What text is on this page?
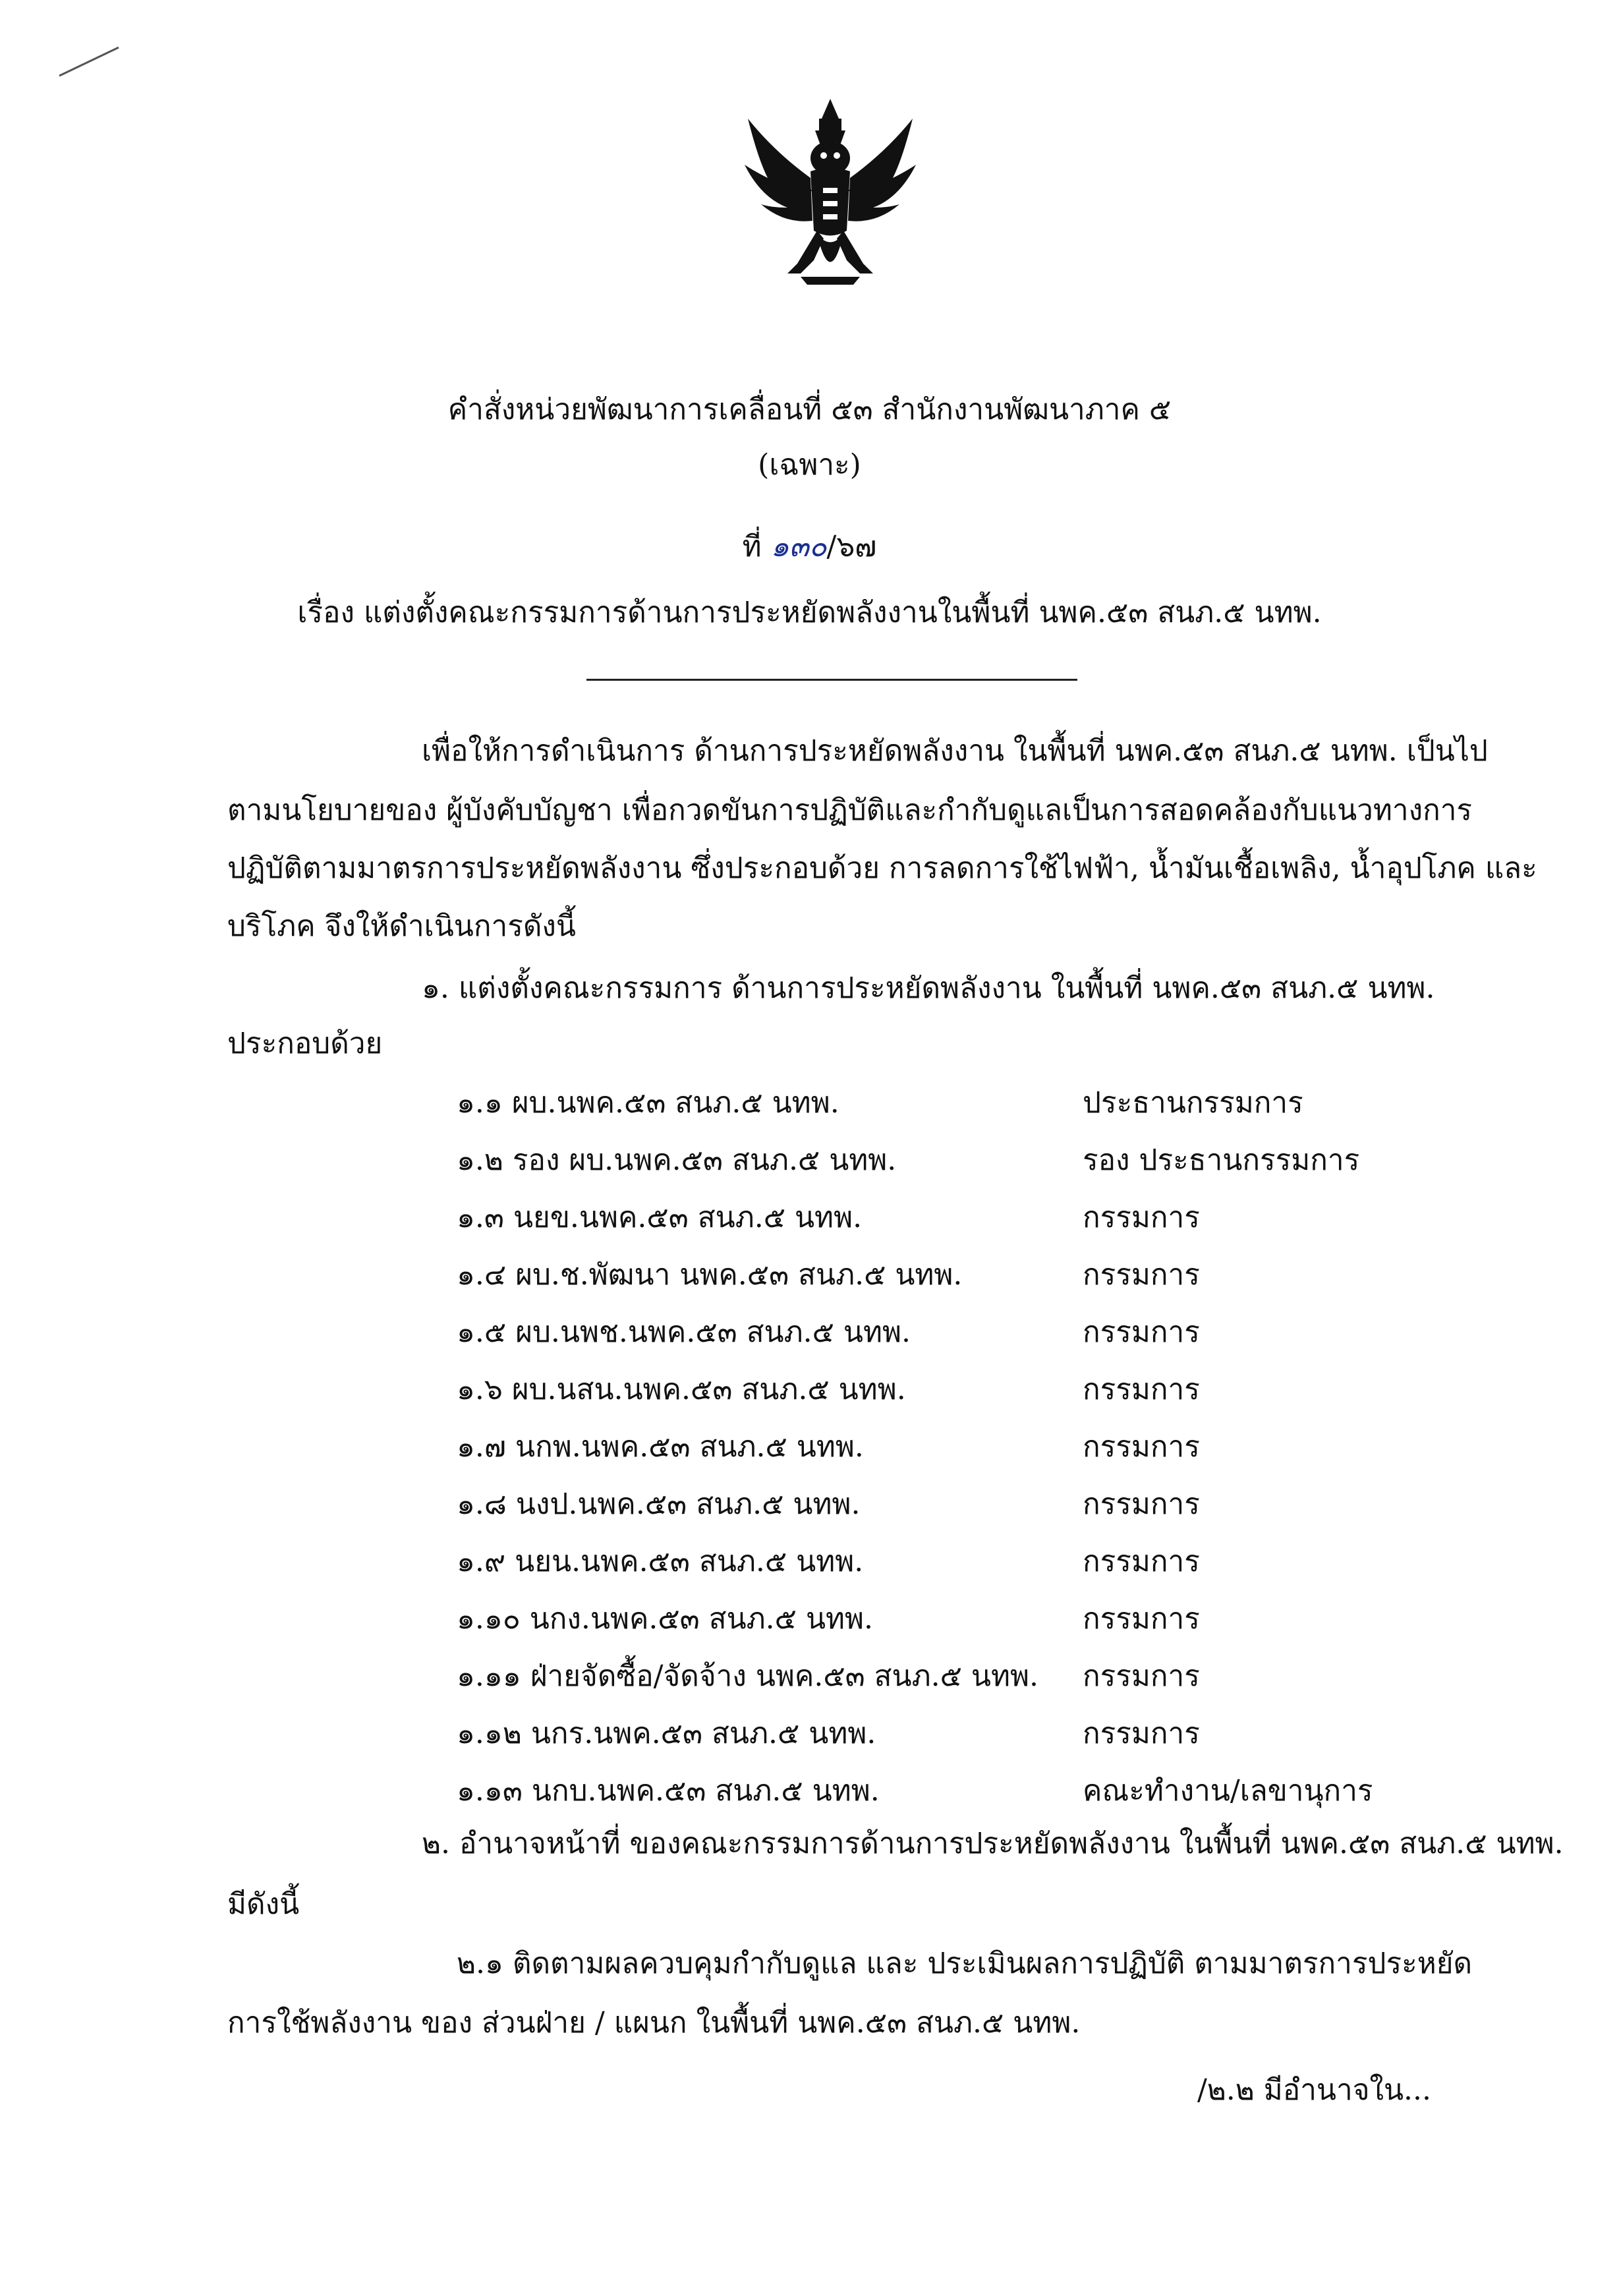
คำสั่งหน่วยพัฒนาการเคลื่อนที่ ๕๓ สำนักงานพัฒนาภาค ๕
(เฉพาะ)
ที่ ๑๓๐/๖๗
เรื่อง แต่งตั้งคณะกรรมการด้านการประหยัดพลังงานในพื้นที่ นพค.๕๓ สนภ.๕ นทพ.
เพื่อให้การดำเนินการ ด้านการประหยัดพลังงาน ในพื้นที่ นพค.๕๓ สนภ.๕ นทพ. เป็นไป
ตามนโยบายของ ผู้บังคับบัญชา เพื่อกวดขันการปฏิบัติและกำกับดูแลเป็นการสอดคล้องกับแนวทางการ
ปฏิบัติตามมาตรการประหยัดพลังงาน ซึ่งประกอบด้วย การลดการใช้ไฟฟ้า, น้ำมันเชื้อเพลิง, น้ำอุปโภค และ
บริโภค จึงให้ดำเนินการดังนี้
๑. แต่งตั้งคณะกรรมการ ด้านการประหยัดพลังงาน ในพื้นที่ นพค.๕๓ สนภ.๕ นทพ.
ประกอบด้วย
๑.๑ ผบ.นพค.๕๓ สนภ.๕ นทพ.	ประธานกรรมการ
๑.๒ รอง ผบ.นพค.๕๓ สนภ.๕ นทพ.	รอง ประธานกรรมการ
๑.๓ นยข.นพค.๕๓ สนภ.๕ นทพ.	กรรมการ
๑.๔ ผบ.ช.พัฒนา นพค.๕๓ สนภ.๕ นทพ.	กรรมการ
๑.๕ ผบ.นพช.นพค.๕๓ สนภ.๕ นทพ.	กรรมการ
๑.๖ ผบ.นสน.นพค.๕๓ สนภ.๕ นทพ.	กรรมการ
๑.๗ นกพ.นพค.๕๓ สนภ.๕ นทพ.	กรรมการ
๑.๘ นงป.นพค.๕๓ สนภ.๕ นทพ.	กรรมการ
๑.๙ นยน.นพค.๕๓ สนภ.๕ นทพ.	กรรมการ
๑.๑๐ นกง.นพค.๕๓ สนภ.๕ นทพ.	กรรมการ
๑.๑๑ ฝ่ายจัดซื้อ/จัดจ้าง นพค.๕๓ สนภ.๕ นทพ. กรรมการ
๑.๑๒ นกร.นพค.๕๓ สนภ.๕ นทพ.	กรรมการ
๑.๑๓ นกบ.นพค.๕๓ สนภ.๕ นทพ.	คณะทำงาน/เลขานุการ
๒. อำนาจหน้าที่ ของคณะกรรมการด้านการประหยัดพลังงาน ในพื้นที่ นพค.๕๓ สนภ.๕ นทพ.
มีดังนี้
๒.๑ ติดตามผลควบคุมกำกับดูแล และ ประเมินผลการปฏิบัติ ตามมาตรการประหยัด
การใช้พลังงาน ของ ส่วนฝ่าย / แผนก ในพื้นที่ นพค.๕๓ สนภ.๕ นทพ.
/๒.๒ มีอำนาจใน...
